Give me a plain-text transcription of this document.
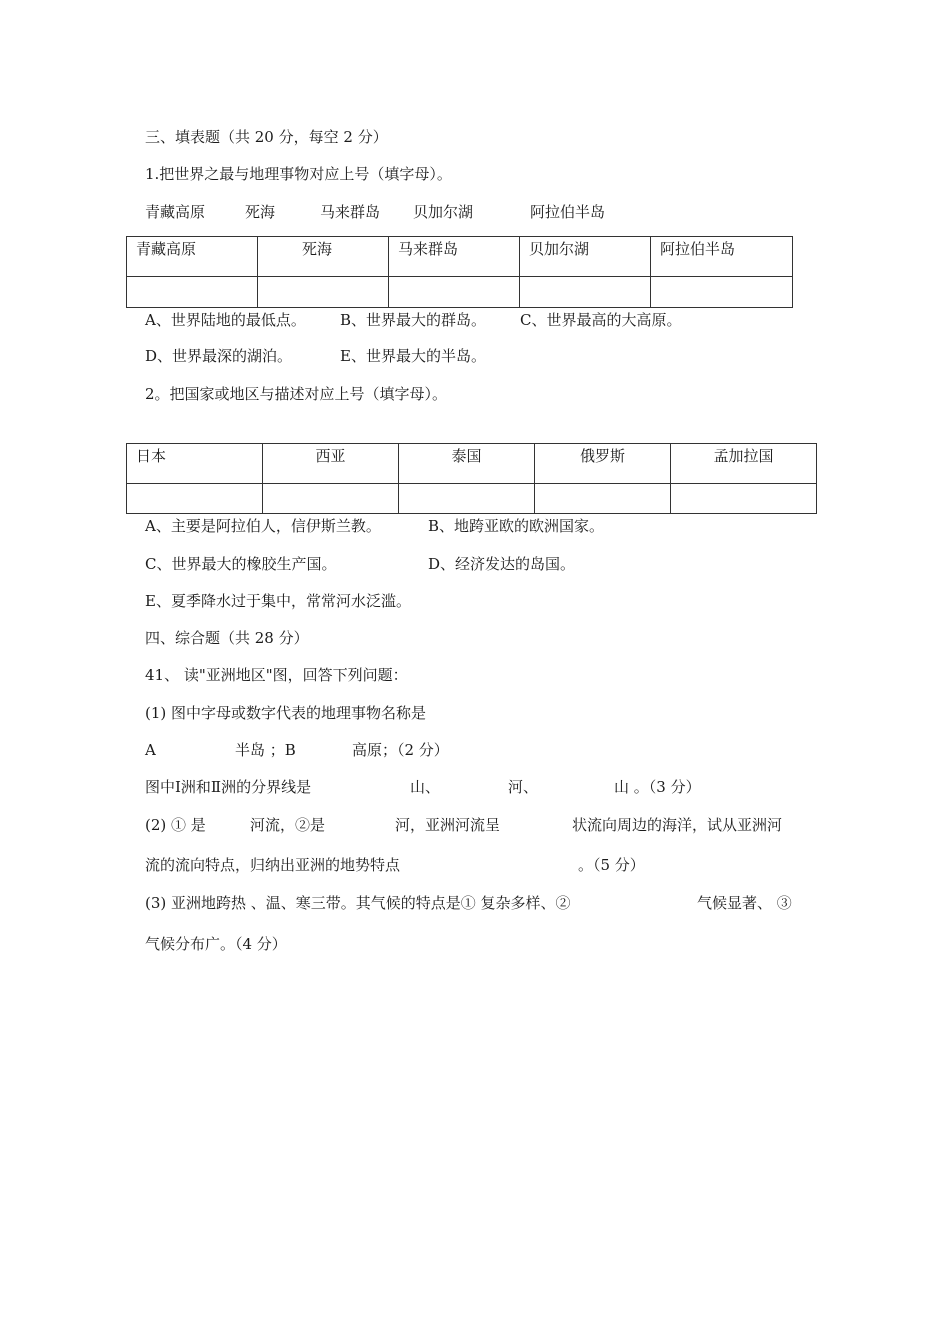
三、填表题（共 20 分，每空 2 分）
1.把世界之最与地理事物对应上号（填字母）。
青藏高原	死海	马来群岛 贝加尔湖	阿拉伯半岛
青藏高原	死海	马来群岛	贝加尔湖	阿拉伯半岛

A、世界陆地的最低点。 B、世界最大的群岛。 C、世界最高的大高原。
D、世界最深的湖泊。	E、世界最大的半岛。
2。把国家或地区与描述对应上号（填字母）。
日本	西亚	泰国	俄罗斯	孟加拉国

A、主要是阿拉伯人，信伊斯兰教。	B、地跨亚欧的欧洲国家。
C、世界最大的橡胶生产国。	D、经济发达的岛国。
E、夏季降水过于集中，常常河水泛滥。
四、综合题（共 28 分）
41、 读"亚洲地区"图，回答下列问题：
(1) 图中字母或数字代表的地理事物名称是
A	半岛 ；B	高原；（2 分）
图中Ⅰ洲和Ⅱ洲的分界线是	山、	河、	山 。（3 分）
(2) ① 是	河流，②是	河，亚洲河流呈	状流向周边的海洋，试从亚洲河
流的流向特点，归纳出亚洲的地势特点	。（5 分）
(3) 亚洲地跨热 、温、寒三带。其气候的特点是① 复杂多样、②	气候显著、 ③
气候分布广。（4 分）
